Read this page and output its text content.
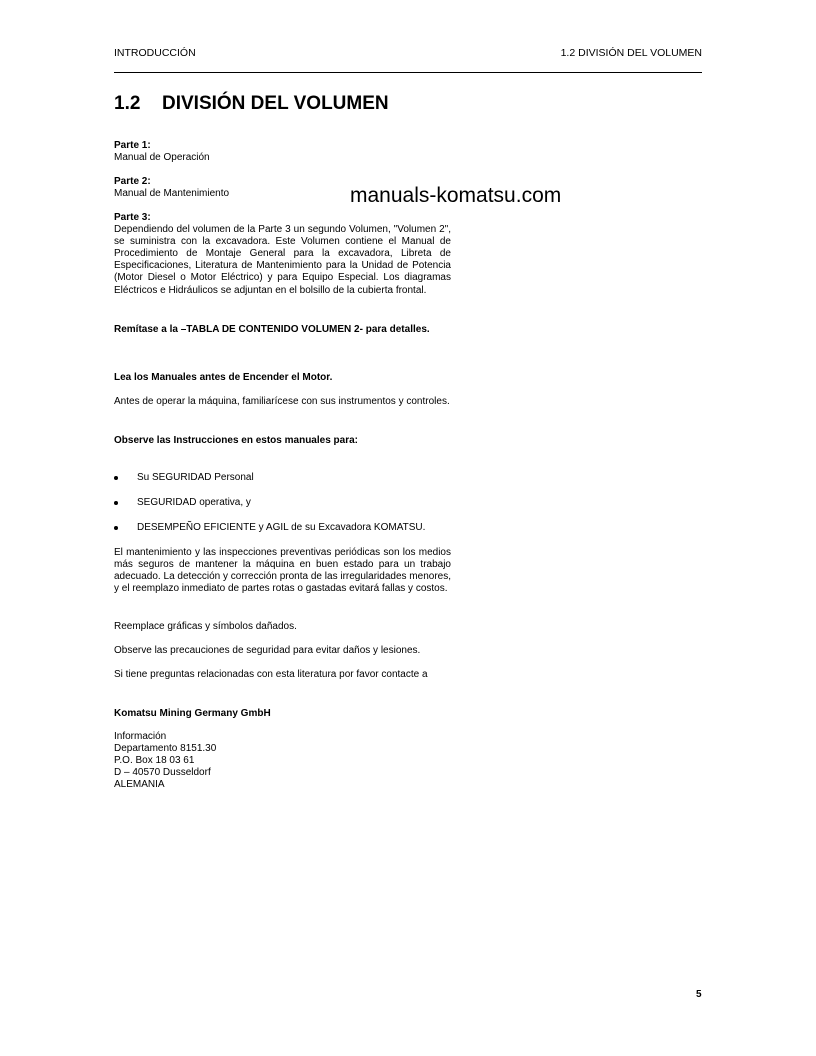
INTRODUCCIÓN	1.2 DIVISIÓN DEL VOLUMEN
1.2 DIVISIÓN DEL VOLUMEN
manuals-komatsu.com
Parte 1:
Manual de Operación
Parte 2:
Manual de Mantenimiento
Parte 3:

Dependiendo del volumen de la Parte 3 un segundo Volumen, "Volumen 2", se suministra con la excavadora. Este Volumen contiene el Manual de Procedimiento de Montaje General para la excavadora, Libreta de Especificaciones, Literatura de Mantenimiento para la Unidad de Potencia (Motor Diesel o Motor Eléctrico) y para Equipo Especial. Los diagramas Eléctricos e Hidráulicos se adjuntan en el bolsillo de la cubierta frontal.

Remítase a la –TABLA DE CONTENIDO VOLUMEN 2- para detalles.
Lea los Manuales antes de Encender el Motor.

Antes de operar la máquina, familiarícese con sus instrumentos y controles.

Observe las Instrucciones en estos manuales para:
Su SEGURIDAD Personal
SEGURIDAD operativa, y
DESEMPEÑO EFICIENTE y AGIL de su Excavadora KOMATSU.

El mantenimiento y las inspecciones preventivas periódicas son los medios más seguros de mantener la máquina en buen estado para un trabajo adecuado. La detección y corrección pronta de las irregularidades menores, y el reemplazo inmediato de partes rotas o gastadas evitará fallas y costos.

Reemplace gráficas y símbolos dañados.

Observe las precauciones de seguridad para evitar daños y lesiones.

Si tiene preguntas relacionadas con esta literatura por favor contacte a

Komatsu Mining Germany GmbH
Información
Departamento 8151.30
P.O. Box 18 03 61
D – 40570 Dusseldorf
ALEMANIA
5
